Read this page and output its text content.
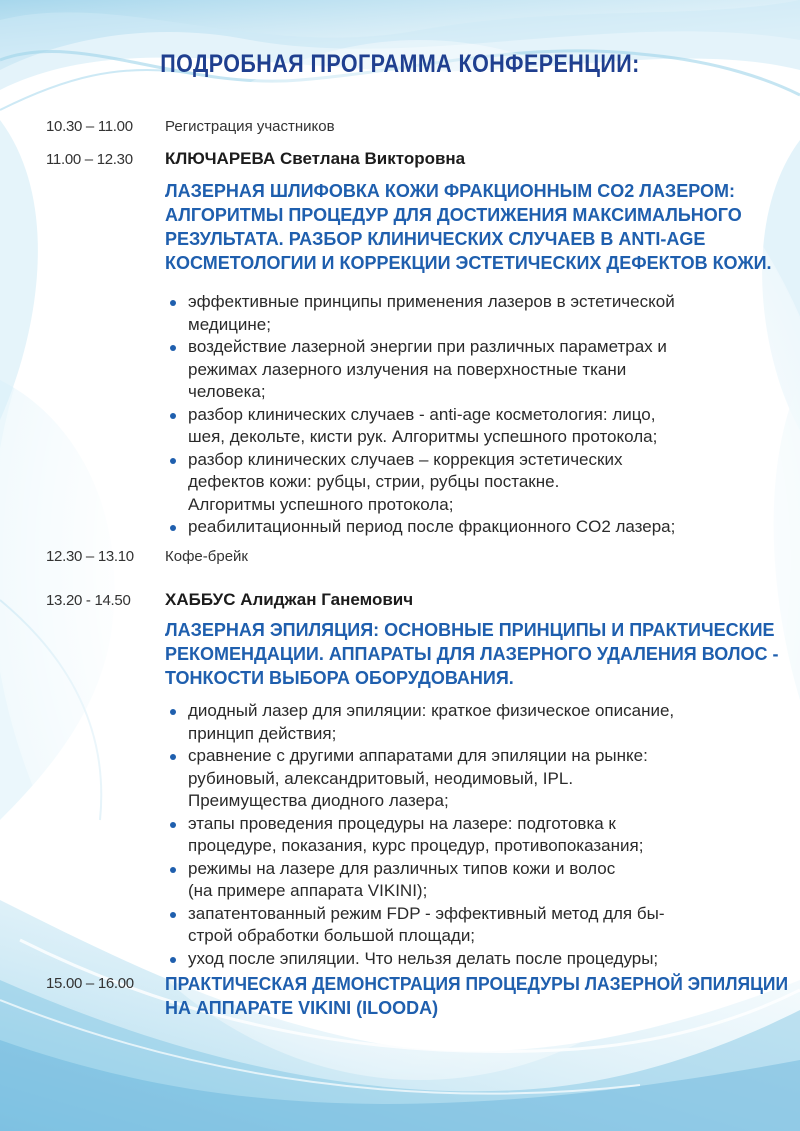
ПОДРОБНАЯ ПРОГРАММА КОНФЕРЕНЦИИ:
10.30 – 11.00 Регистрация участников
11.00 – 12.30 КЛЮЧАРЕВА Светлана Викторовна
ЛАЗЕРНАЯ ШЛИФОВКА КОЖИ ФРАКЦИОННЫМ CO2 ЛАЗЕРОМ:
АЛГОРИТМЫ ПРОЦЕДУР ДЛЯ ДОСТИЖЕНИЯ МАКСИМАЛЬНОГО
РЕЗУЛЬТАТА. РАЗБОР КЛИНИЧЕСКИХ СЛУЧАЕВ В ANTI-AGE
КОСМЕТОЛОГИИ И КОРРЕКЦИИ ЭСТЕТИЧЕСКИХ ДЕФЕКТОВ КОЖИ.
эффективные принципы применения лазеров в эстетической
медицине;
воздействие лазерной энергии при различных параметрах и
режимах лазерного излучения на поверхностные ткани
человека;
разбор клинических случаев - anti-age косметология: лицо,
шея, декольте, кисти рук. Алгоритмы успешного протокола;
разбор клинических случаев – коррекция эстетических
дефектов кожи: рубцы, стрии, рубцы постакне.
Алгоритмы успешного протокола;
реабилитационный период после фракционного CO2 лазера;
12.30 – 13.10 Кофе-брейк
13.20 - 14.50 ХАББУС Алиджан Ганемович
ЛАЗЕРНАЯ ЭПИЛЯЦИЯ: ОСНОВНЫЕ ПРИНЦИПЫ И ПРАКТИЧЕСКИЕ
РЕКОМЕНДАЦИИ. АППАРАТЫ ДЛЯ ЛАЗЕРНОГО УДАЛЕНИЯ ВОЛОС -
ТОНКОСТИ ВЫБОРА ОБОРУДОВАНИЯ.
диодный лазер для эпиляции: краткое физическое описание,
принцип действия;
сравнение с другими аппаратами для эпиляции на рынке:
рубиновый, александритовый, неодимовый, IPL.
Преимущества диодного лазера;
этапы проведения процедуры на лазере: подготовка к
процедуре, показания, курс процедур, противопоказания;
режимы на лазере для различных типов кожи и волос
(на примере аппарата VIKINI);
запатентованный режим FDP - эффективный метод для бы-
строй обработки большой площади;
уход после эпиляции. Что нельзя делать после процедуры;
15.00 – 16.00 ПРАКТИЧЕСКАЯ ДЕМОНСТРАЦИЯ ПРОЦЕДУРЫ ЛАЗЕРНОЙ ЭПИЛЯЦИИ
НА АППАРАТЕ VIKINI (ILOODA)
